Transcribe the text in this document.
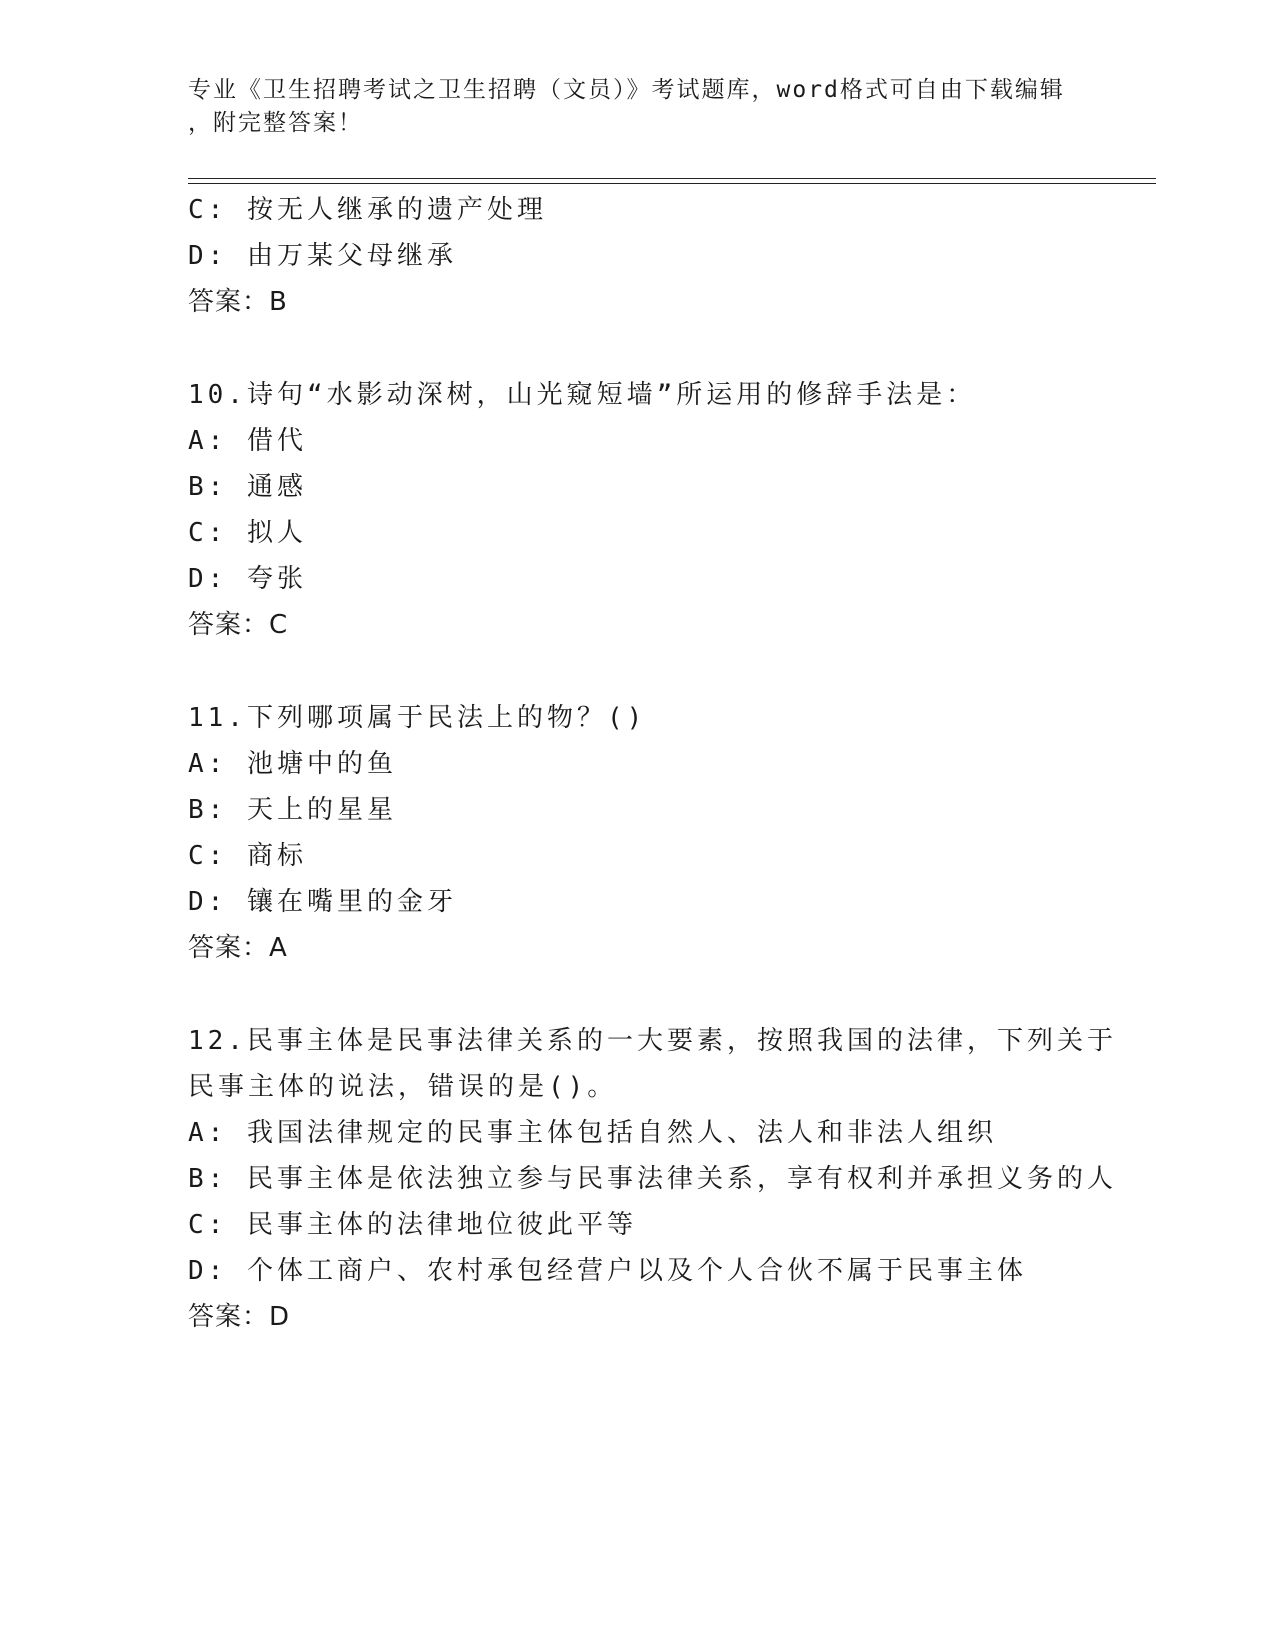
专业《卫生招聘考试之卫生招聘（文员）》考试题库，word格式可自由下载编辑
，附完整答案！
C: 按无人继承的遗产处理
D: 由万某父母继承
答案：B
10.诗句“水影动深树，山光窥短墙”所运用的修辞手法是：
A: 借代
B: 通感
C: 拟人
D: 夸张
答案：C
11.下列哪项属于民法上的物？()
A: 池塘中的鱼
B: 天上的星星
C: 商标
D: 镶在嘴里的金牙
答案：A
12.民事主体是民事法律关系的一大要素，按照我国的法律，下列关于
民事主体的说法，错误的是()。
A: 我国法律规定的民事主体包括自然人、法人和非法人组织
B: 民事主体是依法独立参与民事法律关系，享有权利并承担义务的人
C: 民事主体的法律地位彼此平等
D: 个体工商户、农村承包经营户以及个人合伙不属于民事主体
答案：D
